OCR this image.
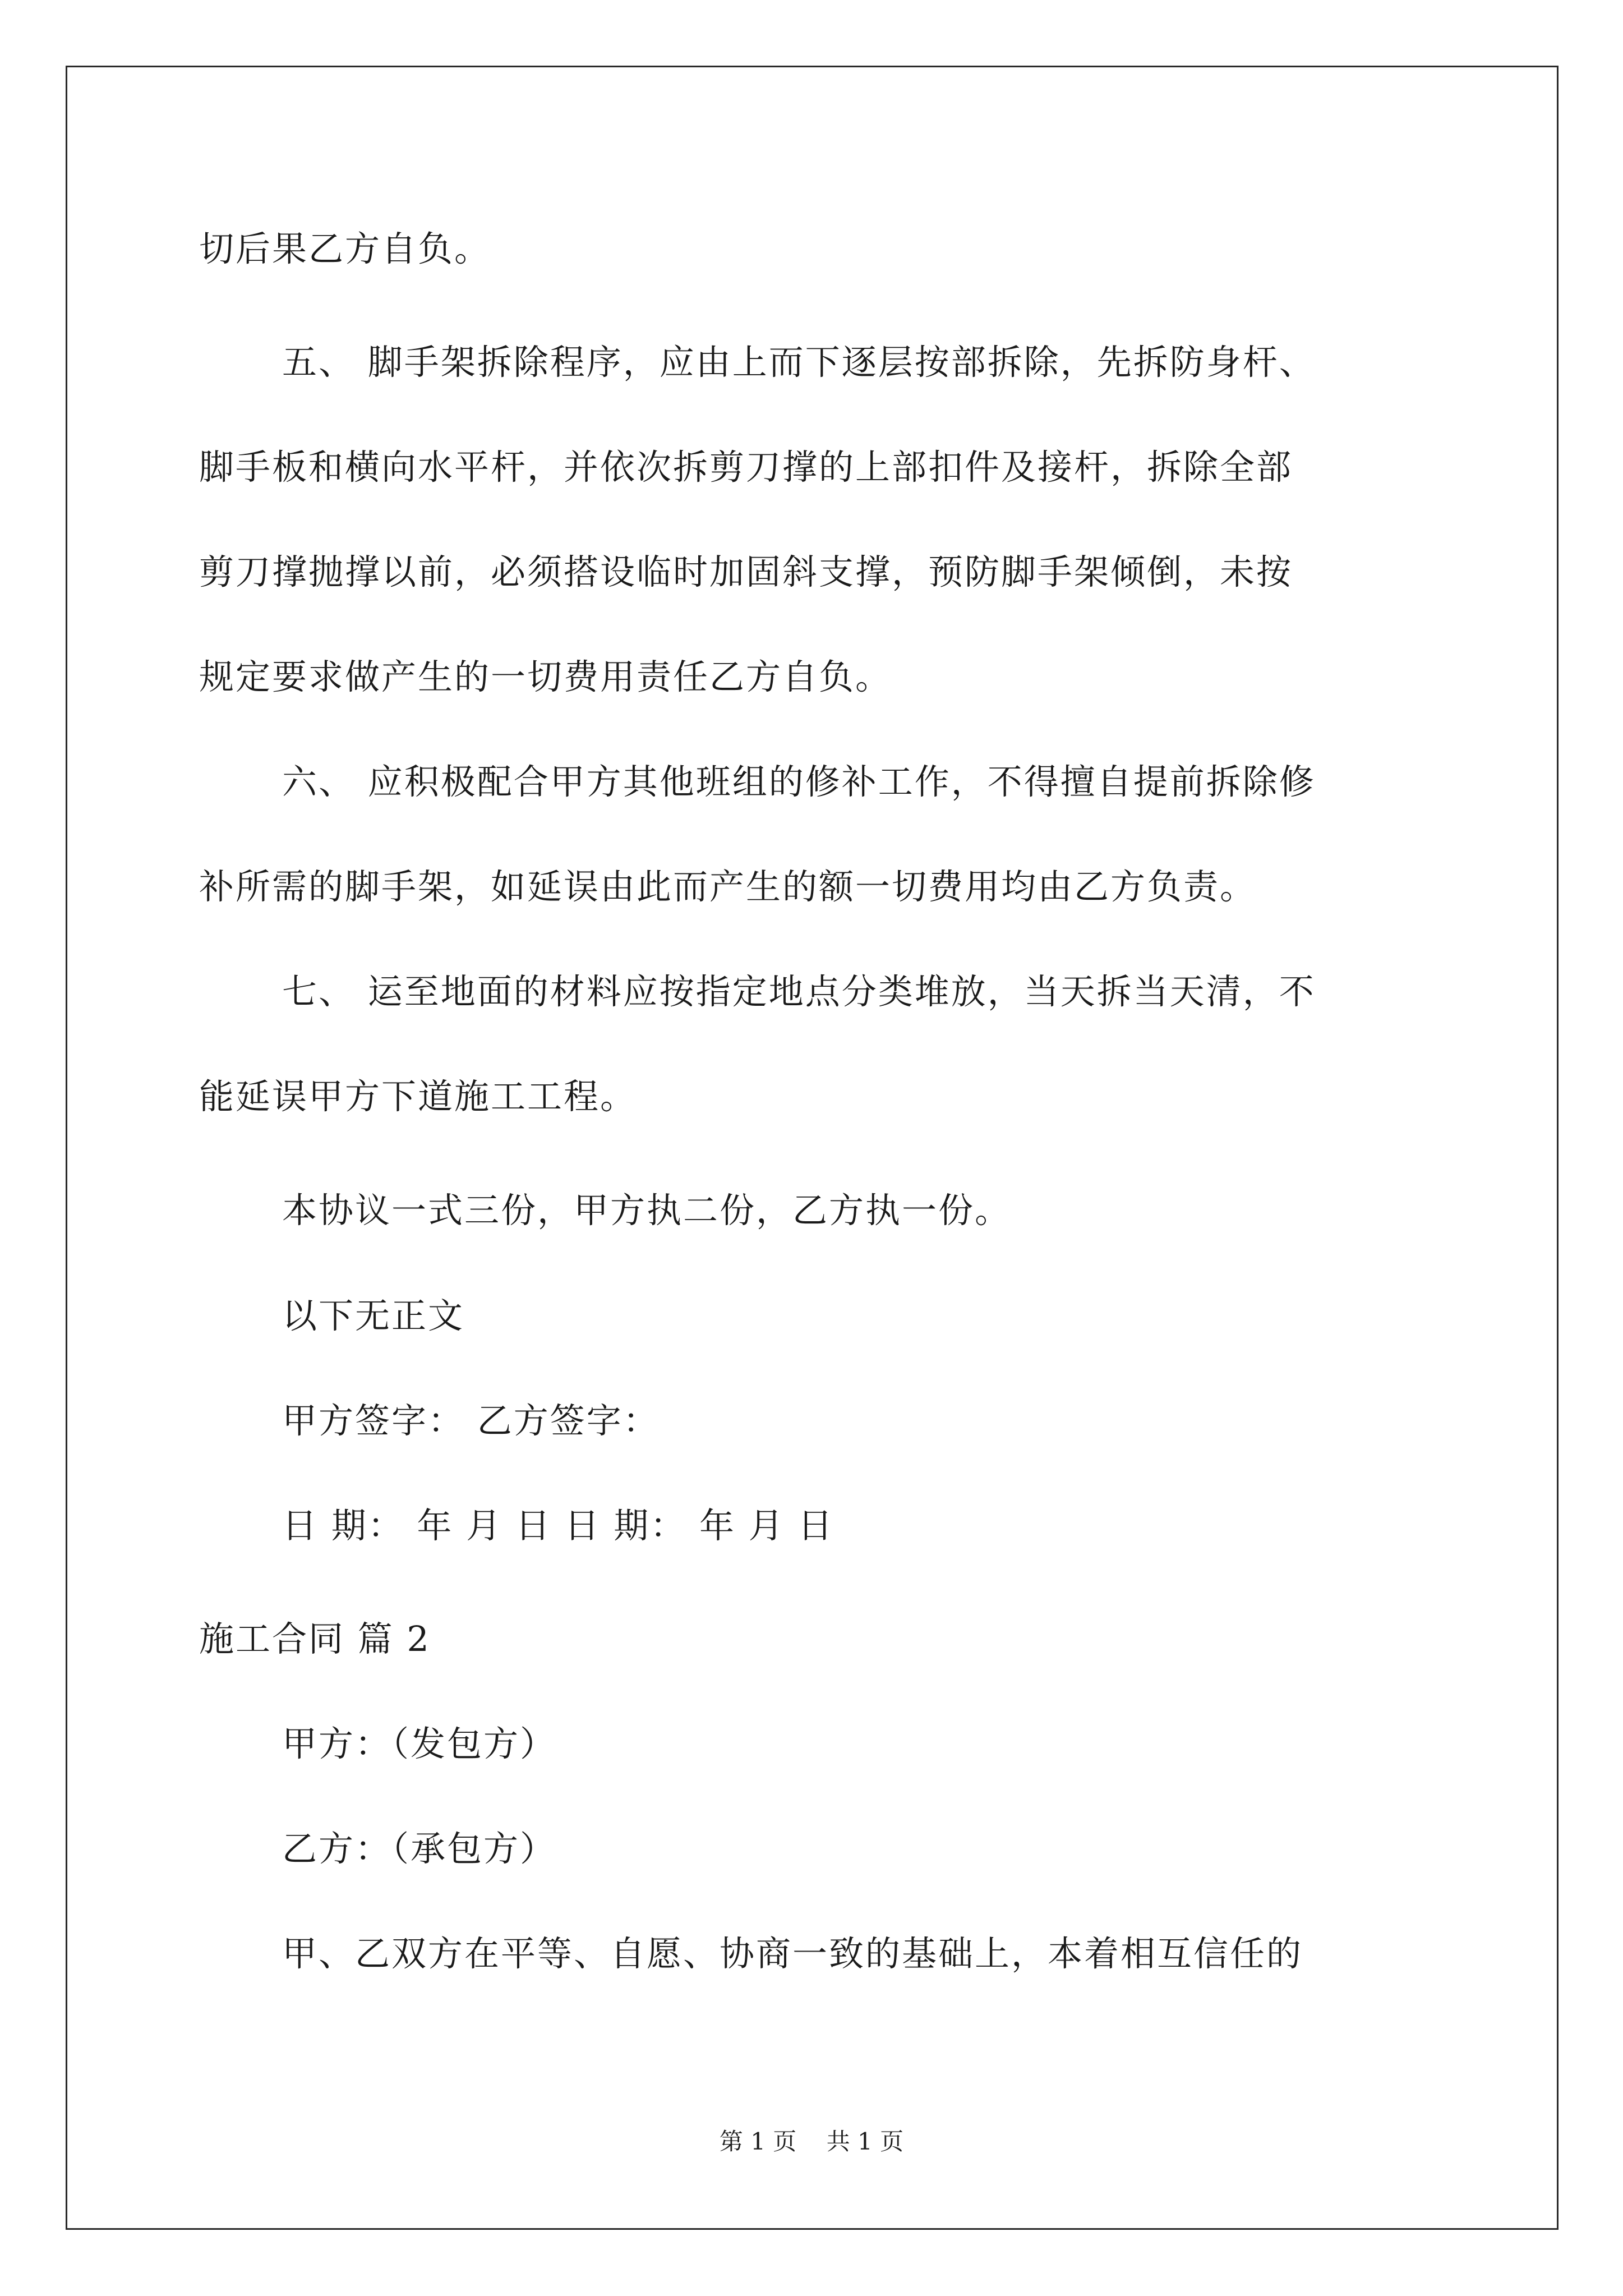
切后果乙方自负。
五、 脚手架拆除程序，应由上而下逐层按部拆除，先拆防身杆、
脚手板和横向水平杆，并依次拆剪刀撑的上部扣件及接杆，拆除全部
剪刀撑抛撑以前，必须搭设临时加固斜支撑，预防脚手架倾倒，未按
规定要求做产生的一切费用责任乙方自负。
六、 应积极配合甲方其他班组的修补工作，不得擅自提前拆除修
补所需的脚手架，如延误由此而产生的额一切费用均由乙方负责。
七、 运至地面的材料应按指定地点分类堆放，当天拆当天清，不
能延误甲方下道施工工程。
本协议一式三份，甲方执二份，乙方执一份。
以下无正文
甲方签字： 乙方签字：
日 期： 年 月 日 日 期： 年 月 日
施工合同 篇 2
甲方：（发包方）
乙方：（承包方）
甲、乙双方在平等、自愿、协商一致的基础上，本着相互信任的
第 1 页    共 1 页
